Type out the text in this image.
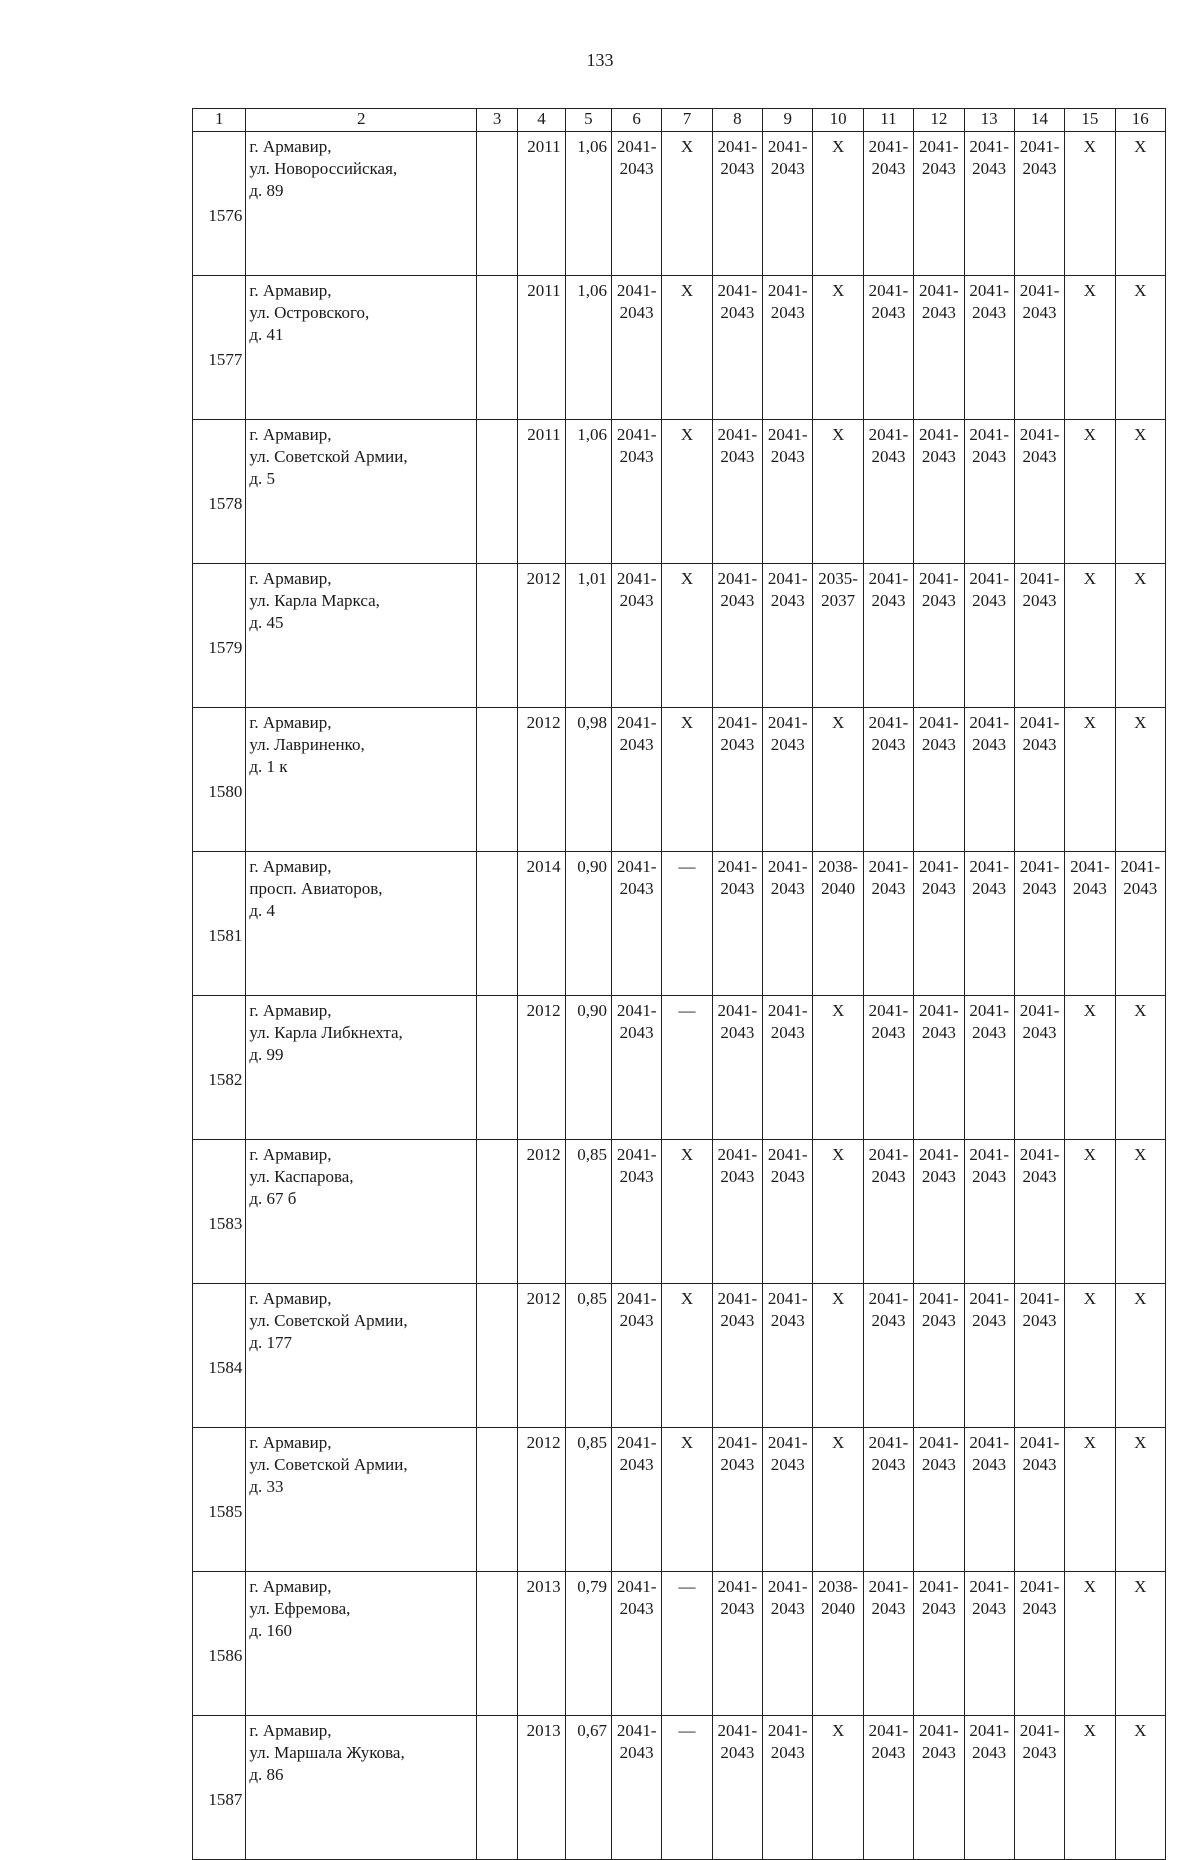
133
1	2	3	4	5	6	7	8	9	10	11	12	13	14	15	16
1576	г. Армавир,
ул. Новороссийская,
д. 89		2011	1,06	2041-
2043	X	2041-
2043	2041-
2043	X	2041-
2043	2041-
2043	2041-
2043	2041-
2043	X	X

1577	г. Армавир,
ул. Островского,
д. 41		2011	1,06	2041-
2043	X	2041-
2043	2041-
2043	X	2041-
2043	2041-
2043	2041-
2043	2041-
2043	X	X

1578	г. Армавир,
ул. Советской Армии,
д. 5		2011	1,06	2041-
2043	X	2041-
2043	2041-
2043	X	2041-
2043	2041-
2043	2041-
2043	2041-
2043	X	X

1579	г. Армавир,
ул. Карла Маркса,
д. 45		2012	1,01	2041-
2043	X	2041-
2043	2041-
2043	2035-
2037	2041-
2043	2041-
2043	2041-
2043	2041-
2043	X	X

1580	г. Армавир,
ул. Лавриненко,
д. 1 к		2012	0,98	2041-
2043	X	2041-
2043	2041-
2043	X	2041-
2043	2041-
2043	2041-
2043	2041-
2043	X	X

1581	г. Армавир,
просп. Авиаторов,
д. 4		2014	0,90	2041-
2043	—	2041-
2043	2041-
2043	2038-
2040	2041-
2043	2041-
2043	2041-
2043	2041-
2043	2041-
2043	2041-
2043

1582	г. Армавир,
ул. Карла Либкнехта,
д. 99		2012	0,90	2041-
2043	—	2041-
2043	2041-
2043	X	2041-
2043	2041-
2043	2041-
2043	2041-
2043	X	X

1583	г. Армавир,
ул. Каспарова,
д. 67 б		2012	0,85	2041-
2043	X	2041-
2043	2041-
2043	X	2041-
2043	2041-
2043	2041-
2043	2041-
2043	X	X

1584	г. Армавир,
ул. Советской Армии,
д. 177		2012	0,85	2041-
2043	X	2041-
2043	2041-
2043	X	2041-
2043	2041-
2043	2041-
2043	2041-
2043	X	X

1585	г. Армавир,
ул. Советской Армии,
д. 33		2012	0,85	2041-
2043	X	2041-
2043	2041-
2043	X	2041-
2043	2041-
2043	2041-
2043	2041-
2043	X	X

1586	г. Армавир,
ул. Ефремова,
д. 160		2013	0,79	2041-
2043	—	2041-
2043	2041-
2043	2038-
2040	2041-
2043	2041-
2043	2041-
2043	2041-
2043	X	X

1587	г. Армавир,
ул. Маршала Жукова,
д. 86		2013	0,67	2041-
2043	—	2041-
2043	2041-
2043	X	2041-
2043	2041-
2043	2041-
2043	2041-
2043	X	X
